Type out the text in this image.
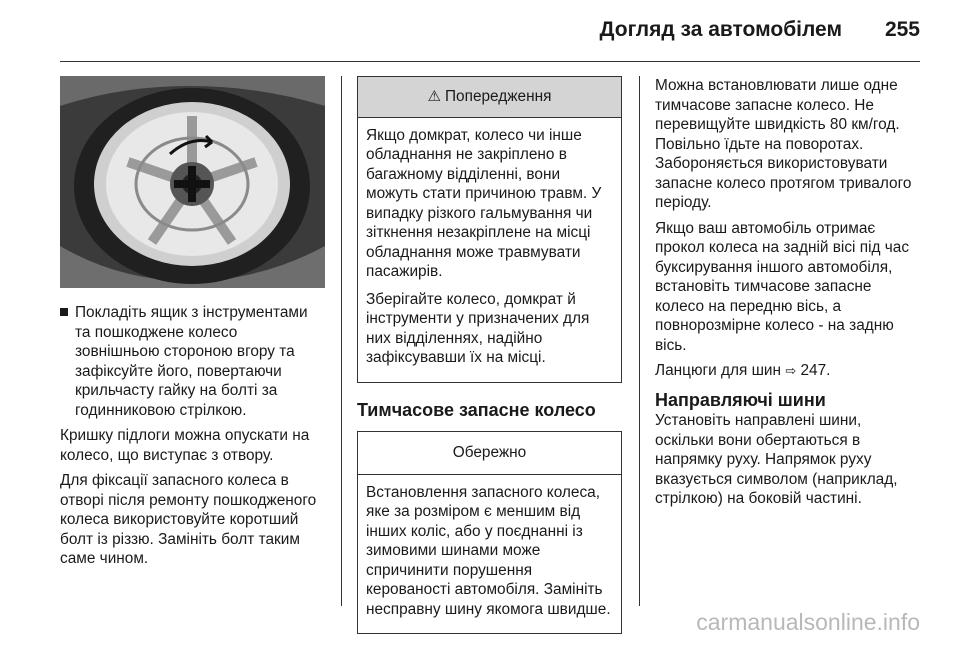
Догляд за автомобілем 255
Покладіть ящик з інструментами та пошкоджене колесо зовнішньою стороною вгору та зафіксуйте його, повертаючи крильчасту гайку на болті за годинниковою стрілкою.

Кришку підлоги можна опускати на колесо, що виступає з отвору.

Для фіксації запасного колеса в отворі після ремонту пошкодженого колеса використовуйте коротший болт із різзю. Замініть болт таким саме чином.

⚠ Попередження

Якщо домкрат, колесо чи інше обладнання не закріплено в багажному відділенні, вони можуть стати причиною травм. У випадку різкого гальмування чи зіткнення незакріплене на місці обладнання може травмувати пасажирів.

Зберігайте колесо, домкрат й інструменти у призначених для них відділеннях, надійно зафіксувавши їх на місці.

Тимчасове запасне колесо
Обережно

Встановлення запасного колеса, яке за розміром є меншим від інших коліс, або у поєднанні із зимовими шинами може спричинити порушення керованості автомобіля. Замініть несправну шину якомога швидше.

Можна встановлювати лише одне тимчасове запасне колесо. Не перевищуйте швидкість 80 км/год. Повільно їдьте на поворотах. Забороняється використовувати запасне колесо протягом тривалого періоду.

Якщо ваш автомобіль отримає прокол колеса на задній вісі під час буксирування іншого автомобіля, встановіть тимчасове запасне колесо на передню вісь, а повнорозмірне колесо - на задню вісь.

Ланцюги для шин ⇨ 247.

Направляючі шини

Установіть направлені шини, оскільки вони обертаються в напрямку руху. Напрямок руху вказується символом (наприклад, стрілкою) на боковій частині.

carmanualsonline.info
